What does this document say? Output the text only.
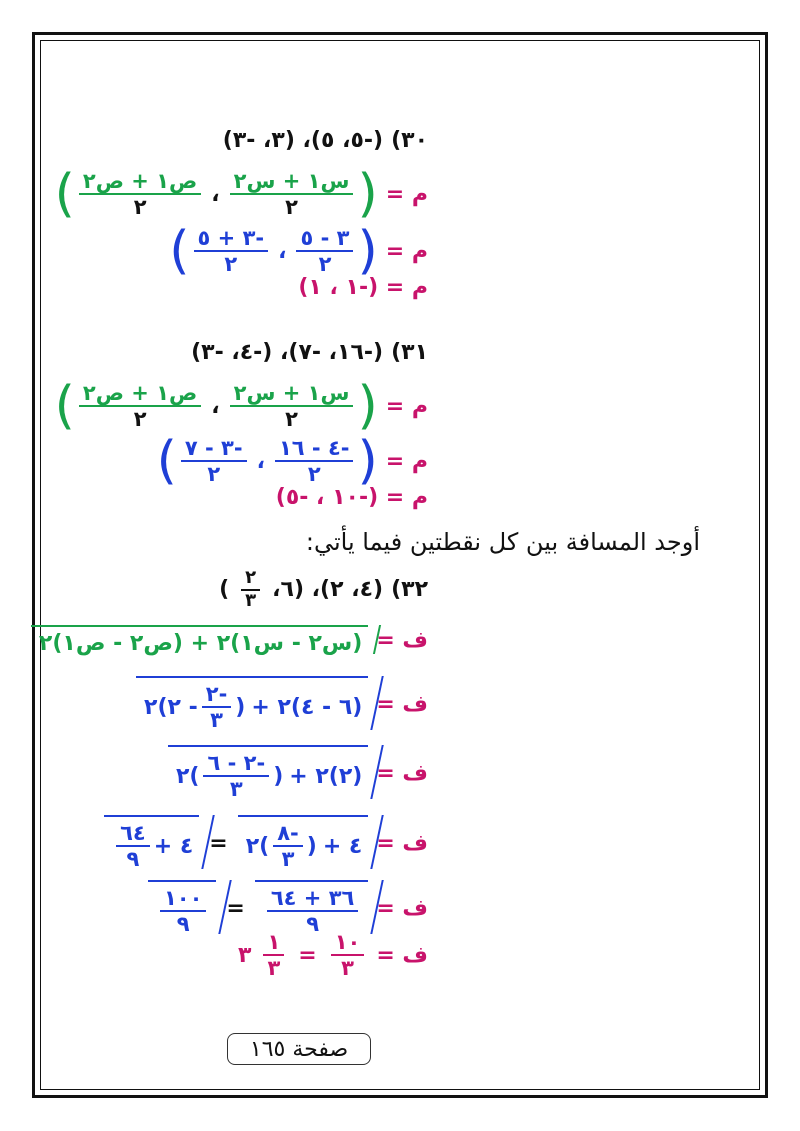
٣٠)
(-٥، ٥)، (٣، -٣)
م =
(
$\frac{\text{س١ + س٢}}{٢}$
،
$\frac{\text{ص١ + ص٢}}{٢}$
)
م =
(
$\frac{٣ - ٥}{٢}$
،
$\frac{-٣ + ٥}{٢}$
)
م = (-١ ، ١)
٣١)
(-١٦، -٧)، (-٤، -٣)
م =
(
$\frac{\text{س١ + س٢}}{٢}$
،
$\frac{\text{ص١ + ص٢}}{٢}$
)
م =
(
$\frac{-٤ - ١٦}{٢}$
،
$\frac{-٣ - ٧}{٢}$
)
م = (-١٠ ، -٥)
أوجد المسافة بين كل نقطتين فيما يأتي:
٣٢)
(٤، ٢)، (٦،
$\frac{٢}{٣}$
)
ف =
(س٢ - س١)٢ + (ص٢ - ص١)٢
ف =
(٦ - ٤)٢ +
(
$\frac{-٢}{٣}$
- ٢)٢
ف =
(٢)٢ +
(
$\frac{-٢ - ٦}{٣}$
)٢
ف =
٤ +
(
$\frac{-٨}{٣}$
)٢
=
٤ +
$\frac{٦٤}{٩}$
ف =
$\frac{٣٦ + ٦٤}{٩}$
=
$\frac{١٠٠}{٩}$
ف =
$\frac{١٠}{٣}$
=
$\frac{١}{٣}$
٣
صفحة ١٦٥
